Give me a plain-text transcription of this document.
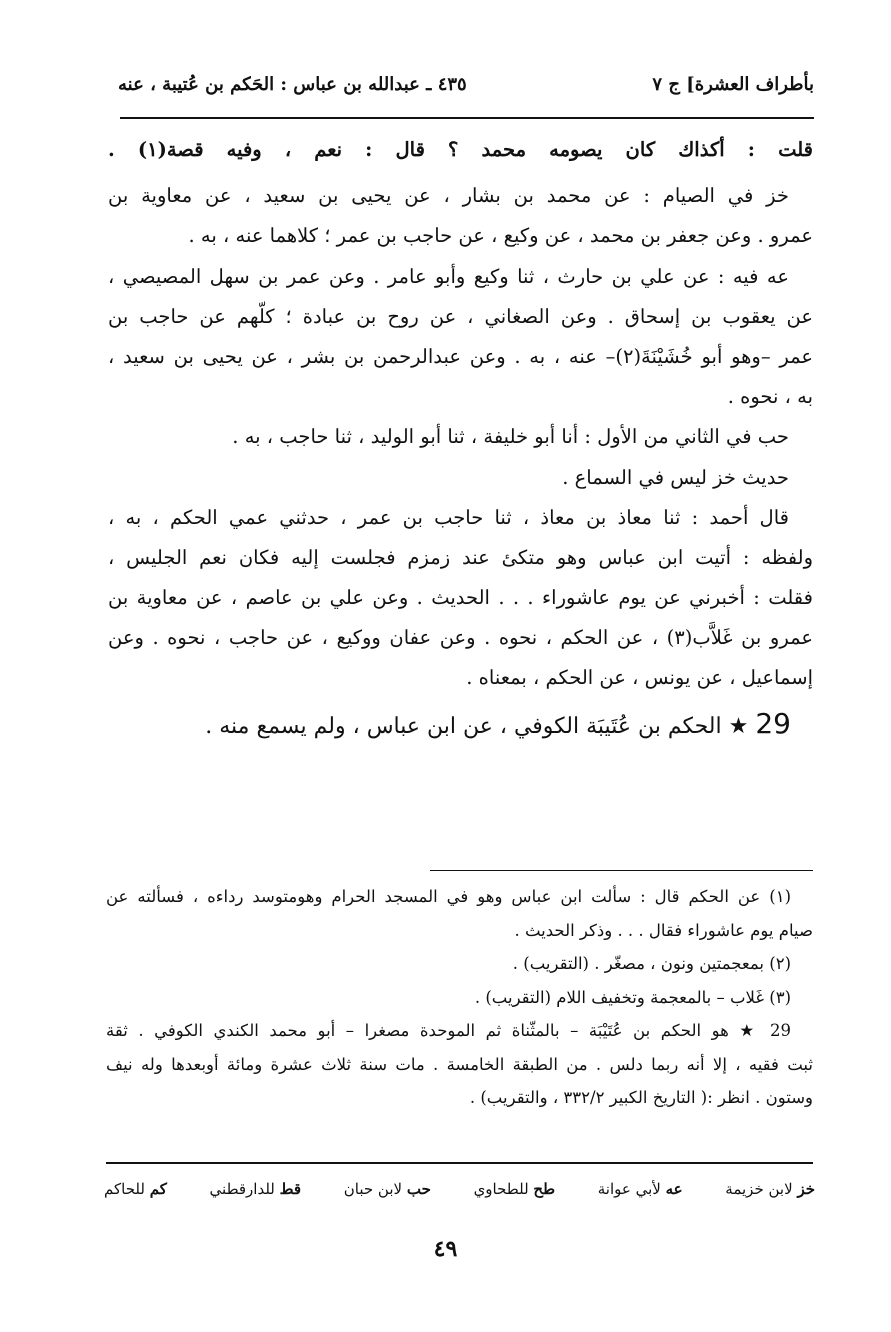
بأطراف العشرة] ج ٧
٤٣٥ ـ عبدالله بن عباس : الحَكم بن عُتيبة ، عنه
قلت : أكذاك كان يصومه محمد ؟ قال : نعم ، وفيه قصة(١) .
خز في الصيام : عن محمد بن بشار ، عن يحيى بن سعيد ، عن معاوية بن
عمرو . وعن جعفر بن محمد ، عن وكيع ، عن حاجب بن عمر ؛ كلاهما عنه ، به .
عه فيه : عن علي بن حارث ، ثنا وكيع وأبو عامر . وعن عمر بن سهل المصيصي ،
عن يعقوب بن إسحاق . وعن الصغاني ، عن روح بن عبادة ؛ كلّهم عن حاجب بن
عمر –وهو أبو خُشَيْنَةَ(٢)– عنه ، به . وعن عبدالرحمن بن بشر ، عن يحيى بن سعيد ،
به ، نحوه .
حب في الثاني من الأول : أنا أبو خليفة ، ثنا أبو الوليد ، ثنا حاجب ، به .
حديث خز ليس في السماع .
قال أحمد : ثنا معاذ بن معاذ ، ثنا حاجب بن عمر ، حدثني عمي الحكم ، به ،
ولفظه : أتيت ابن عباس وهو متكئ عند زمزم فجلست إليه فكان نعم الجليس ،
فقلت : أخبرني عن يوم عاشوراء . . . الحديث . وعن علي بن عاصم ، عن معاوية بن
عمرو بن غَلاَّب(٣) ، عن الحكم ، نحوه . وعن عفان ووكيع ، عن حاجب ، نحوه . وعن
إسماعيل ، عن يونس ، عن الحكم ، بمعناه .
29 ★ الحكم بن عُتَيبَة الكوفي ، عن ابن عباس ، ولم يسمع منه .
(١) عن الحكم قال : سألت ابن عباس وهو في المسجد الحرام وهومتوسد رداءه ، فسألته عن
صيام يوم عاشوراء فقال . . . وذكر الحديث .
(٢) بمعجمتين ونون ، مصغّر . (التقريب) .
(٣) غَلاب – بالمعجمة وتخفيف اللام (التقريب) .
29 ★ هو الحكم بن عُتَيْبَة – بالمثّناة ثم الموحدة مصغرا – أبو محمد الكندي الكوفي . ثقة
ثبت فقيه ، إلا أنه ربما دلس . من الطبقة الخامسة . مات سنة ثلاث عشرة ومائة أوبعدها وله نيف
وستون . انظر :( التاريخ الكبير ٣٣٢/٢ ، والتقريب) .
خز لابن خزيمة
عه لأبي عوانة
طح للطحاوي
حب لابن حبان
قط للدارقطني
كم للحاكم
٤٩
